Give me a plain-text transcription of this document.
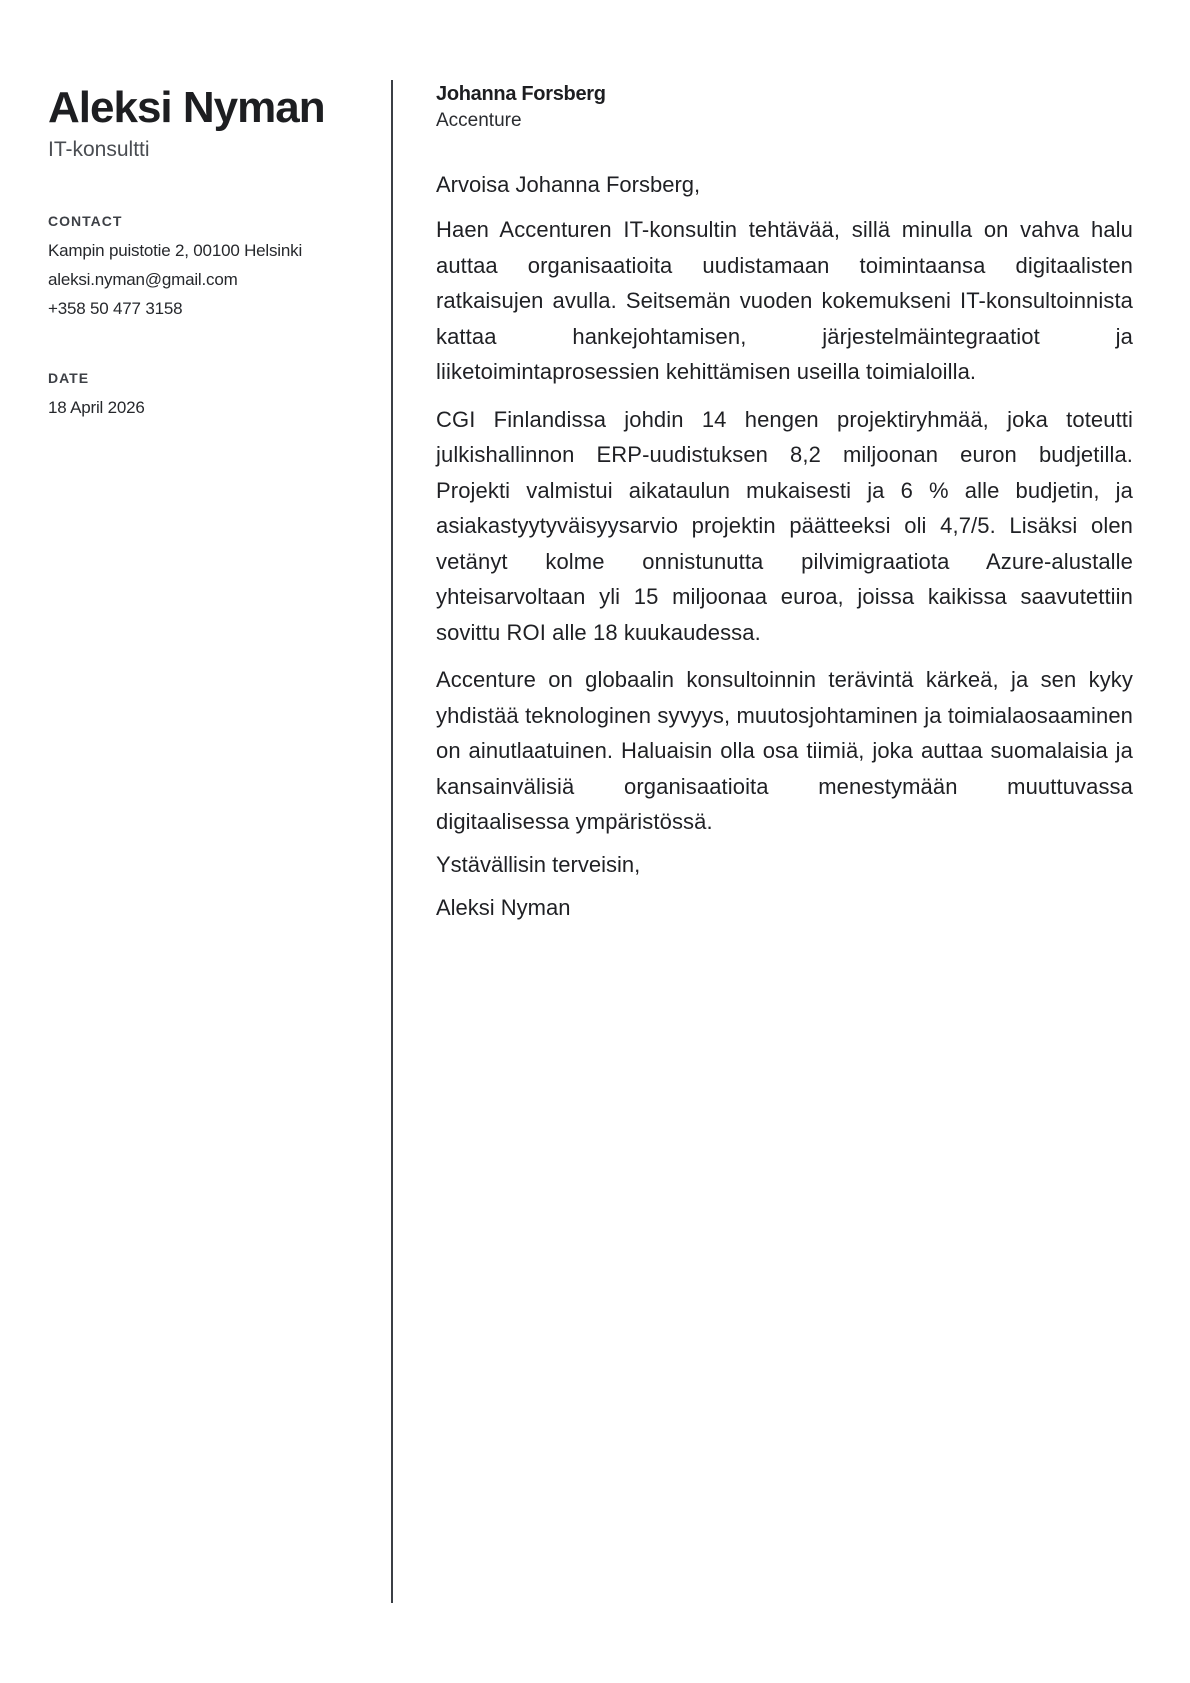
Aleksi Nyman
IT-konsultti
CONTACT
Kampin puistotie 2, 00100 Helsinki
aleksi.nyman@gmail.com
+358 50 477 3158
DATE
18 April 2026
Johanna Forsberg
Accenture

Arvoisa Johanna Forsberg,

Haen Accenturen IT-konsultin tehtävää, sillä minulla on vahva halu auttaa organisaatioita uudistamaan toimintaansa digitaalisten ratkaisujen avulla. Seitsemän vuoden kokemukseni IT-konsultoinnista kattaa hankejohtamisen, järjestelmäintegraatiot ja liiketoimintaprosessien kehittämisen useilla toimialoilla.

CGI Finlandissa johdin 14 hengen projektiryhmää, joka toteutti julkishallinnon ERP-uudistuksen 8,2 miljoonan euron budjetilla. Projekti valmistui aikataulun mukaisesti ja 6 % alle budjetin, ja asiakastyytyväisyysarvio projektin päätteeksi oli 4,7/5. Lisäksi olen vetänyt kolme onnistunutta pilvimigraatiota Azure-alustalle yhteisarvoltaan yli 15 miljoonaa euroa, joissa kaikissa saavutettiin sovittu ROI alle 18 kuukaudessa.

Accenture on globaalin konsultoinnin terävintä kärkeä, ja sen kyky yhdistää teknologinen syvyys, muutosjohtaminen ja toimialaosaaminen on ainutlaatuinen. Haluaisin olla osa tiimiä, joka auttaa suomalaisia ja kansainvälisiä organisaatioita menestymään muuttuvassa digitaalisessa ympäristössä.

Ystävällisin terveisin,

Aleksi Nyman
